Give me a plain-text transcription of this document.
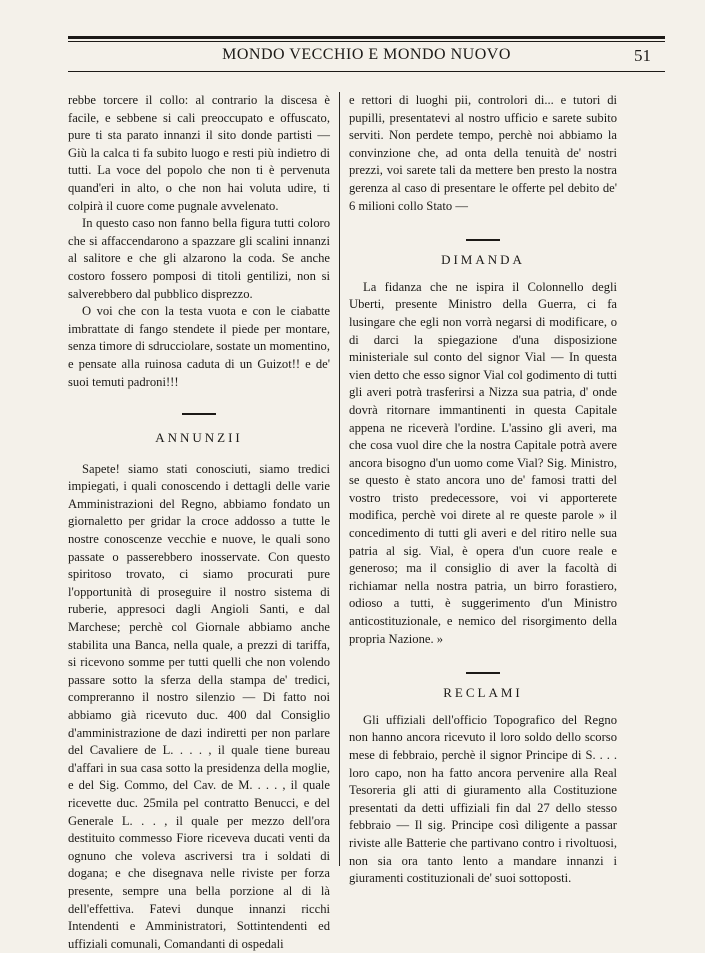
MONDO VECCHIO E MONDO NUOVO	51

rebbe torcere il collo: al contrario la discesa è facile, e sebbene si cali preoccupato e offuscato, pure ti sta parato innanzi il sito donde partisti — Giù la calca ti fa subito luogo e resti più indietro di tutti. La voce del popolo che non ti è pervenuta quand'eri in alto, o che non hai voluta udire, ti colpirà il cuore come pugnale avvelenato.

In questo caso non fanno bella figura tutti coloro che si affaccendarono a spazzare gli scalini innanzi al salitore e che gli alzarono la coda. Se anche costoro fossero pomposi di titoli gentilizi, non si salverebbero dal pubblico disprezzo.

O voi che con la testa vuota e con le ciabatte imbrattate di fango stendete il piede per montare, senza timore di sdrucciolare, sostate un momentino, e pensate alla ruinosa caduta di un Guizot!! e de' suoi temuti padroni!!!

ANNUNZII

Sapete! siamo stati conosciuti, siamo tredici impiegati, i quali conoscendo i dettagli delle varie Amministrazioni del Regno, abbiamo fondato un giornaletto per gridar la croce addosso a tutte le nostre conoscenze vecchie e nuove, le quali sono passate o passerebbero inosservate. Con questo spiritoso trovato, ci siamo procurati pure l'opportunità di proseguire il nostro sistema di ruberie, appresoci dagli Angioli Santi, e dal Marchese; perchè col Giornale abbiamo anche stabilita una Banca, nella quale, a prezzi di tariffa, si ricevono somme per tutti quelli che non volendo passare sotto la sferza della stampa de' tredici, compreranno il nostro silenzio — Di fatto noi abbiamo già ricevuto duc. 400 dal Consiglio d'amministrazione de dazi indiretti per non parlare del Cavaliere de L. . . . , il quale tiene bureau d'affari in sua casa sotto la presidenza della moglie, e del Sig. Commo, del Cav. de M. . . . , il quale ricevette duc. 25mila pel contratto Benucci, e del Generale L. . . , il quale per mezzo dell'ora destituito commesso Fiore riceveva ducati venti da ognuno che voleva ascriversi tra i soldati di dogana; e che disegnava nelle riviste per forza presente, sempre una bella porzione al di là dell'effettiva. Fatevi dunque innanzi ricchi Intendenti e Amministratori, Sottintendenti ed uffiziali comunali, Comandanti di ospedali

e rettori di luoghi pii, controlori di... e tutori di pupilli, presentatevi al nostro ufficio e sarete subito serviti. Non perdete tempo, perchè noi abbiamo la convinzione che, ad onta della tenuità de' nostri prezzi, voi sarete tali da mettere ben presto la nostra gerenza al caso di presentare le offerte pel debito de' 6 milioni collo Stato —

DIMANDA

La fidanza che ne ispira il Colonnello degli Uberti, presente Ministro della Guerra, ci fa lusingare che egli non vorrà negarsi di modificare, o di darci la spiegazione d'una disposizione ministeriale sul conto del signor Vial — In questa vien detto che esso signor Vial col godimento di tutti gli averi potrà trasferirsi a Nizza sua patria, d' onde dovrà ritornare immantinenti in questa Capitale appena ne riceverà l'ordine. L'assino gli averi, ma che cosa vuol dire che la nostra Capitale potrà avere ancora bisogno d'un uomo come Vial? Sig. Ministro, se questo è stato ancora uno de' famosi tratti del vostro tristo predecessore, voi vi apporterete modifica, perchè voi direte al re queste parole » il concedimento di tutti gli averi e del ritiro nelle sua patria al sig. Vial, è opera d'un cuore reale e generoso; ma il consiglio di aver la facoltà di richiamar nella nostra patria, un birro forastiero, odioso a tutti, è suggerimento d'un Ministro anticostituzionale, e nemico del risorgimento della propria Nazione. »

RECLAMI

Gli uffiziali dell'officio Topografico del Regno non hanno ancora ricevuto il loro soldo dello scorso mese di febbraio, perchè il signor Principe di S. . . . loro capo, non ha fatto ancora pervenire alla Real Tesoreria gli atti di giuramento alla Costituzione presentati da detti uffiziali fin dal 27 dello stesso febbraio — Il sig. Principe così diligente a passar riviste alle Batterie che partivano contro i rivoltuosi, non sia ora tanto lento a mandare innanzi i giuramenti costituzionali de' suoi sottoposti.
